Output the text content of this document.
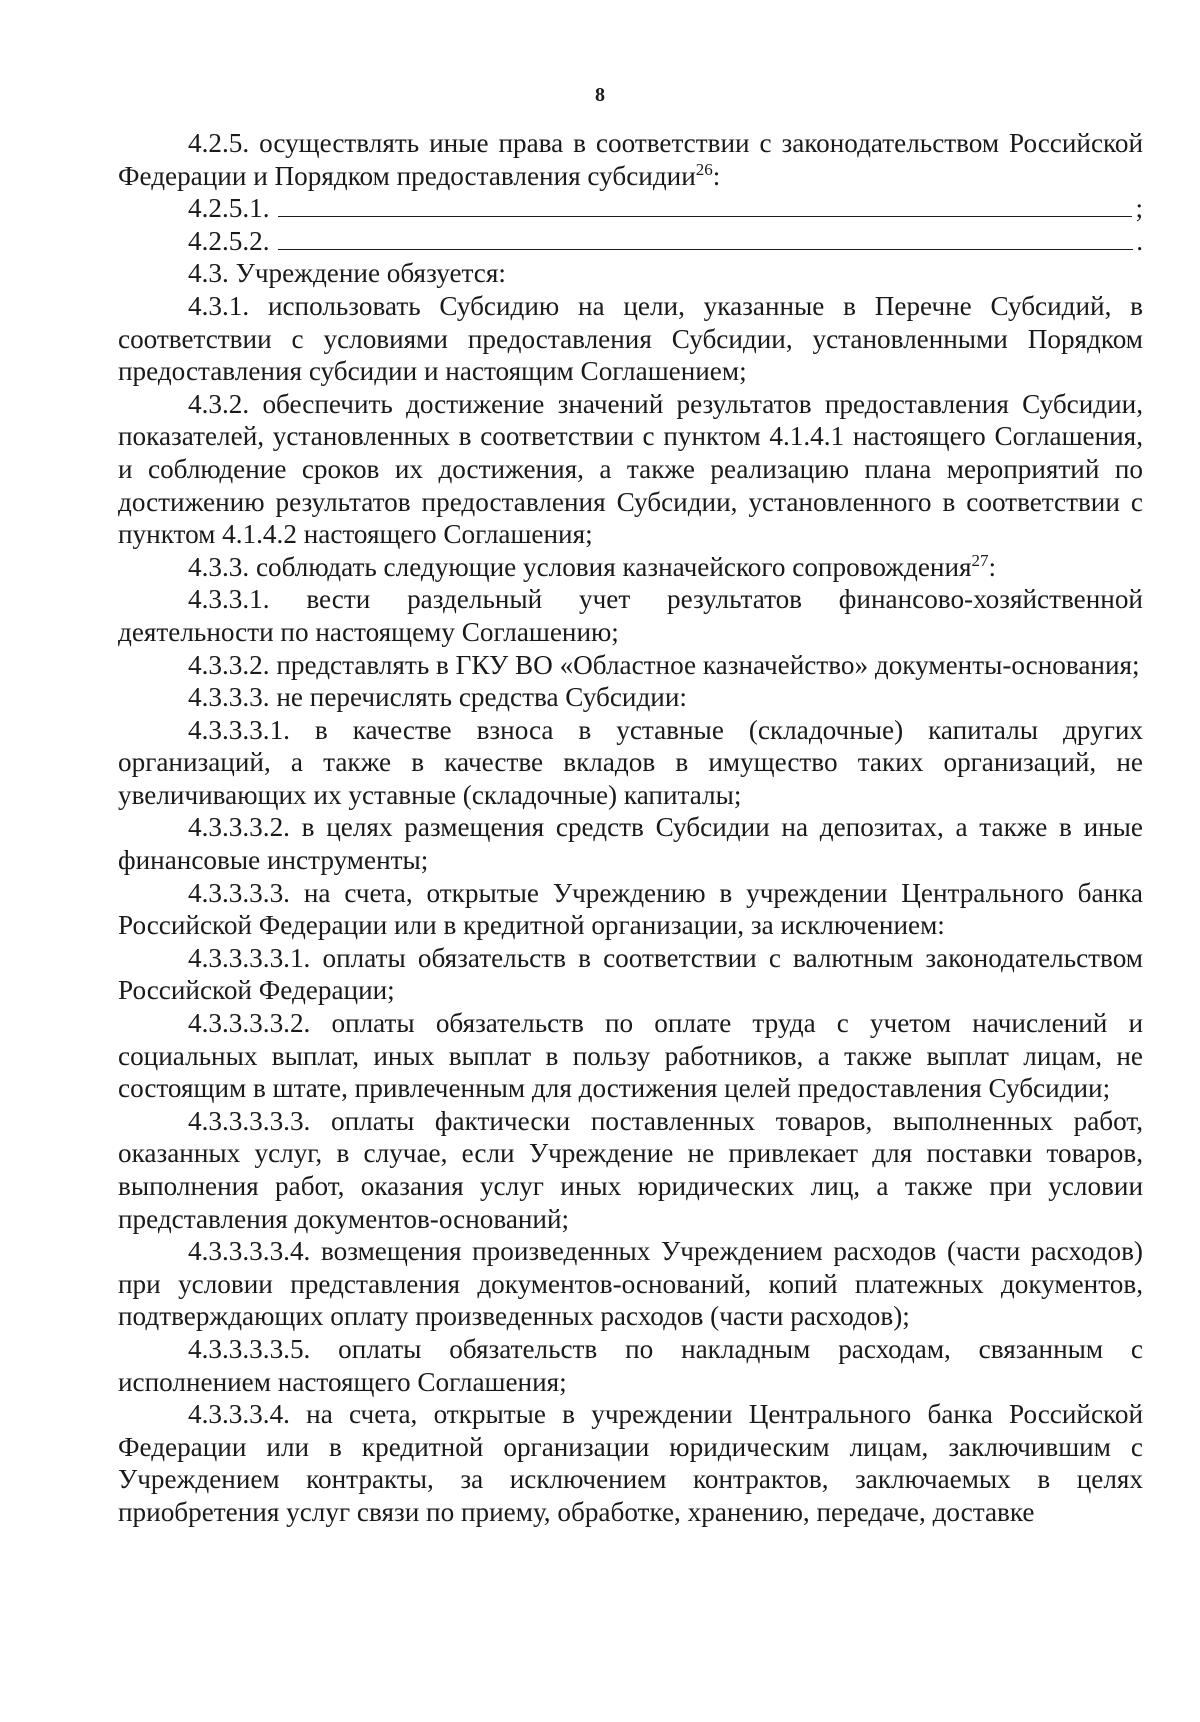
8

4.2.5. осуществлять иные права в соответствии с законодательством Российской Федерации и Порядком предоставления субсидии$^{26}$:

4.2.5.1.	;
4.2.5.2.	.

4.3. Учреждение обязуется:

4.3.1. использовать Субсидию на цели, указанные в Перечне Субсидий, в соответствии с условиями предоставления Субсидии, установленными Порядком предоставления субсидии и настоящим Соглашением;

4.3.2. обеспечить достижение значений результатов предоставления Субсидии, показателей, установленных в соответствии с пунктом 4.1.4.1 настоящего Соглашения, и соблюдение сроков их достижения, а также реализацию плана мероприятий по достижению результатов предоставления Субсидии, установленного в соответствии с пунктом 4.1.4.2 настоящего Соглашения;

4.3.3. соблюдать следующие условия казначейского сопровождения$^{27}$:

4.3.3.1. вести раздельный учет результатов финансово-хозяйственной деятельности по настоящему Соглашению;

4.3.3.2. представлять в ГКУ ВО «Областное казначейство» документы-основания;

4.3.3.3. не перечислять средства Субсидии:

4.3.3.3.1. в качестве взноса в уставные (складочные) капиталы других организаций, а также в качестве вкладов в имущество таких организаций, не увеличивающих их уставные (складочные) капиталы;

4.3.3.3.2. в целях размещения средств Субсидии на депозитах, а также в иные финансовые инструменты;

4.3.3.3.3. на счета, открытые Учреждению в учреждении Центрального банка Российской Федерации или в кредитной организации, за исключением:

4.3.3.3.3.1. оплаты обязательств в соответствии с валютным законодательством Российской Федерации;

4.3.3.3.3.2. оплаты обязательств по оплате труда с учетом начислений и социальных выплат, иных выплат в пользу работников, а также выплат лицам, не состоящим в штате, привлеченным для достижения целей предоставления Субсидии;

4.3.3.3.3.3. оплаты фактически поставленных товаров, выполненных работ, оказанных услуг, в случае, если Учреждение не привлекает для поставки товаров, выполнения работ, оказания услуг иных юридических лиц, а также при условии представления документов-оснований;

4.3.3.3.3.4. возмещения произведенных Учреждением расходов (части расходов) при условии представления документов-оснований, копий платежных документов, подтверждающих оплату произведенных расходов (части расходов);

4.3.3.3.3.5. оплаты обязательств по накладным расходам, связанным с исполнением настоящего Соглашения;

4.3.3.3.4. на счета, открытые в учреждении Центрального банка Российской Федерации или в кредитной организации юридическим лицам, заключившим с Учреждением контракты, за исключением контрактов, заключаемых в целях приобретения услуг связи по приему, обработке, хранению, передаче, доставке
